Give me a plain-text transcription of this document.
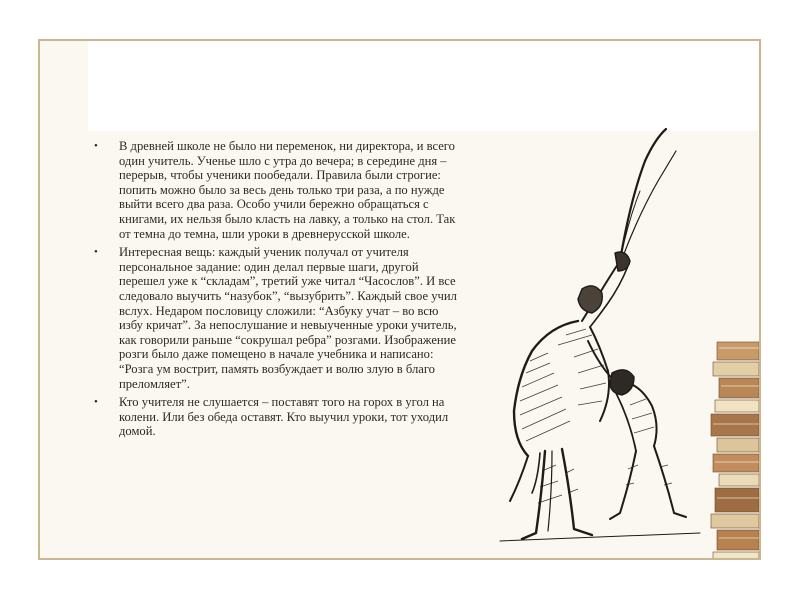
• В древней школе не было ни переменок, ни директора, и всего один учитель. Ученье шло с утра до вечера; в середине дня – перерыв, чтобы ученики пообедали. Правила были строгие: попить можно было за весь день только три раза, а по нужде выйти всего два раза. Особо учили бережно обращаться с книгами, их нельзя было класть на лавку, а только на стол. Так от темна до темна, шли уроки в древнерусской школе.
• Интересная вещь: каждый ученик получал от учителя персональное задание: один делал первые шаги, другой перешел уже к “складам”, третий уже читал “Часослов”. И все следовало выучить “назубок”, “вызубрить”. Каждый свое учил вслух. Недаром пословицу сложили: “Азбуку учат – во всю избу кричат”. За непослушание и невыученные уроки учитель, как говорили раньше “сокрушал ребра” розгами. Изображение розги было даже помещено в начале учебника и написано: “Розга ум вострит, память возбуждает и волю злую в благо преломляет”.
• Кто учителя не слушается – поставят того на горох в угол на колени. Или без обеда оставят. Кто выучил уроки, тот уходил домой.
